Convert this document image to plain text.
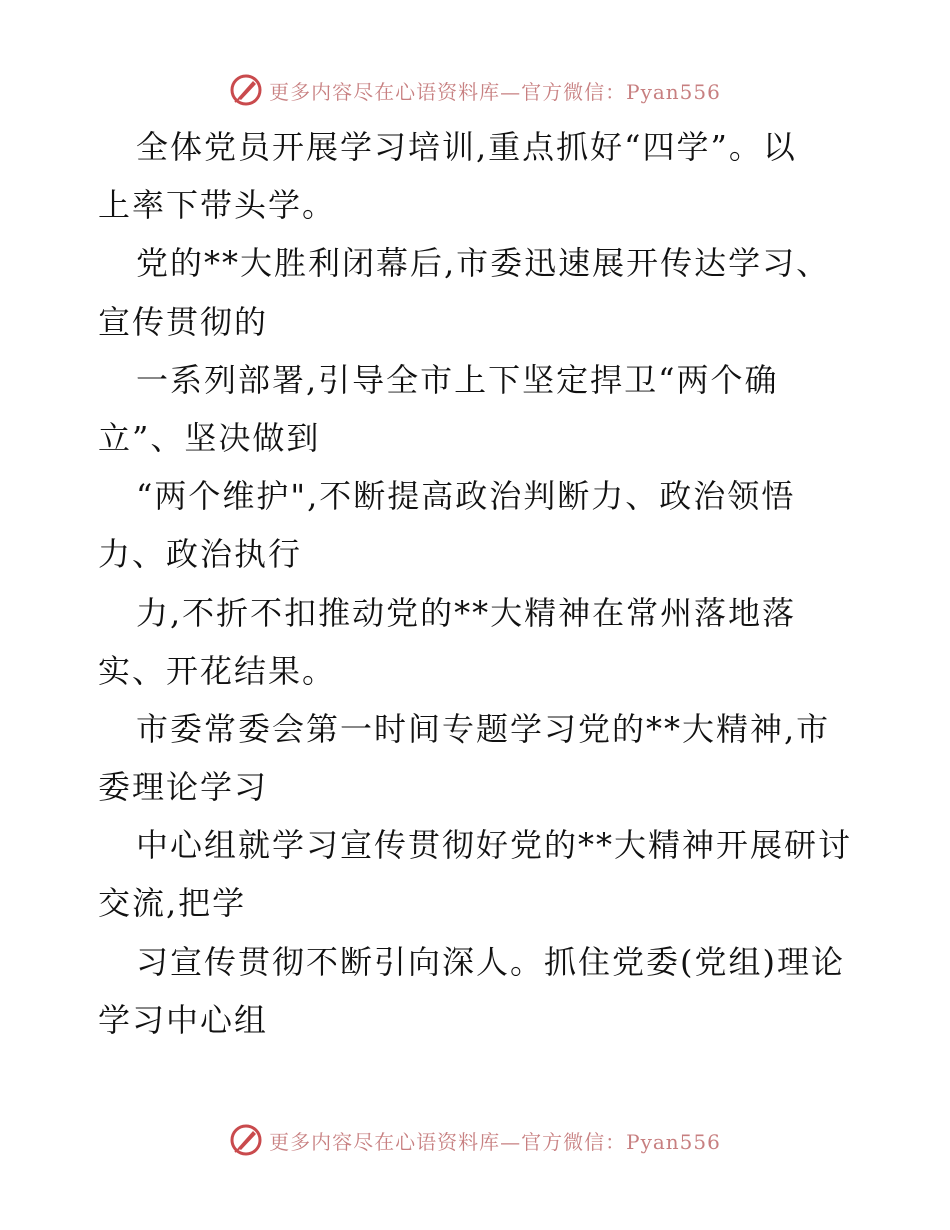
更多内容尽在心语资料库—官方微信：Pyan556
全体党员开展学习培训,重点抓好“四学”。以
上率下带头学。
党的**大胜利闭幕后,市委迅速展开传达学习、
宣传贯彻的
一系列部署,引导全市上下坚定捍卫“两个确
立”、坚决做到
“两个维护",不断提高政治判断力、政治领悟
力、政治执行
力,不折不扣推动党的**大精神在常州落地落
实、开花结果。
市委常委会第一时间专题学习党的**大精神,市
委理论学习
中心组就学习宣传贯彻好党的**大精神开展研讨
交流,把学
习宣传贯彻不断引向深人。抓住党委(党组)理论
学习中心组
更多内容尽在心语资料库—官方微信：Pyan556
